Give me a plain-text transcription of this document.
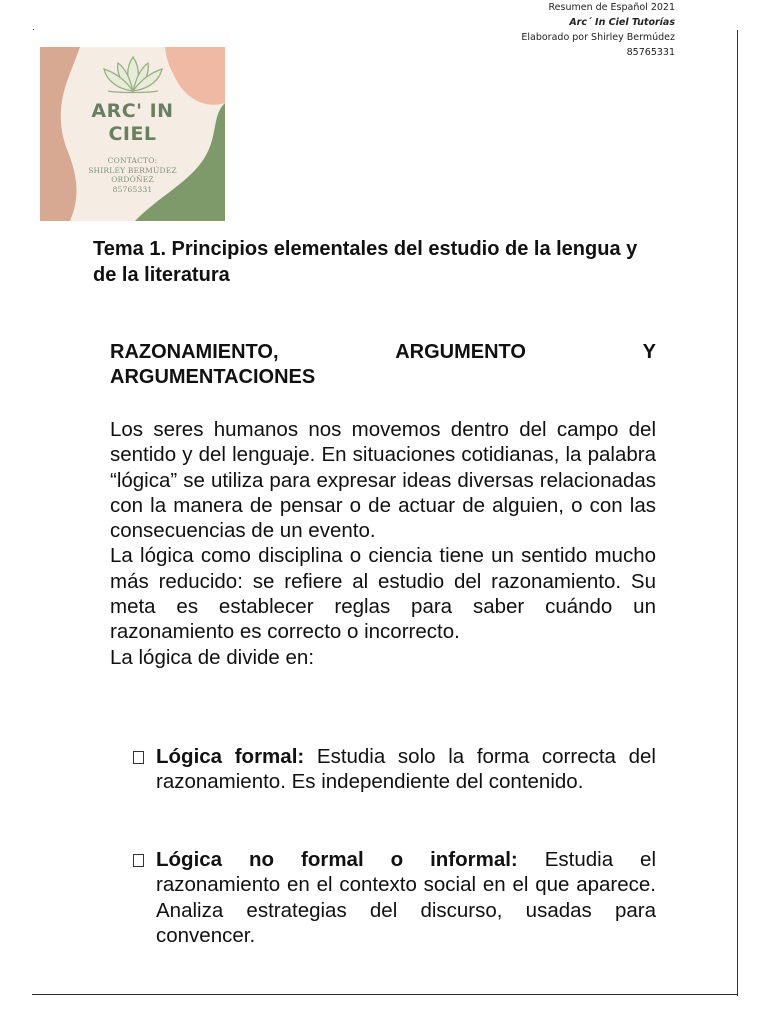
Resumen de Español 2021
Arc´ In Ciel Tutorías
Elaborado por Shirley Bermúdez
85765331
.
ARC' IN
CIEL
CONTACTO:
SHIRLEY BERMÚDEZ
ORDÓÑEZ
85765331
Tema 1. Principios elementales del estudio de la lengua y de la literatura
RAZONAMIENTO,	ARGUMENTO	Y
ARGUMENTACIONES

Los seres humanos nos movemos dentro del campo del sentido y del lenguaje. En situaciones cotidianas, la palabra “lógica” se utiliza para expresar ideas diversas relacionadas con la manera de pensar o de actuar de alguien, o con las consecuencias de un evento.

La lógica como disciplina o ciencia tiene un sentido mucho más reducido: se refiere al estudio del razonamiento. Su meta es establecer reglas para saber cuándo un razonamiento es correcto o incorrecto.

La lógica de divide en:

Lógica formal: Estudia solo la forma correcta del razonamiento. Es independiente del contenido.
Lógica no formal o informal: Estudia el razonamiento en el contexto social en el que aparece. Analiza estrategias del discurso, usadas para convencer.
